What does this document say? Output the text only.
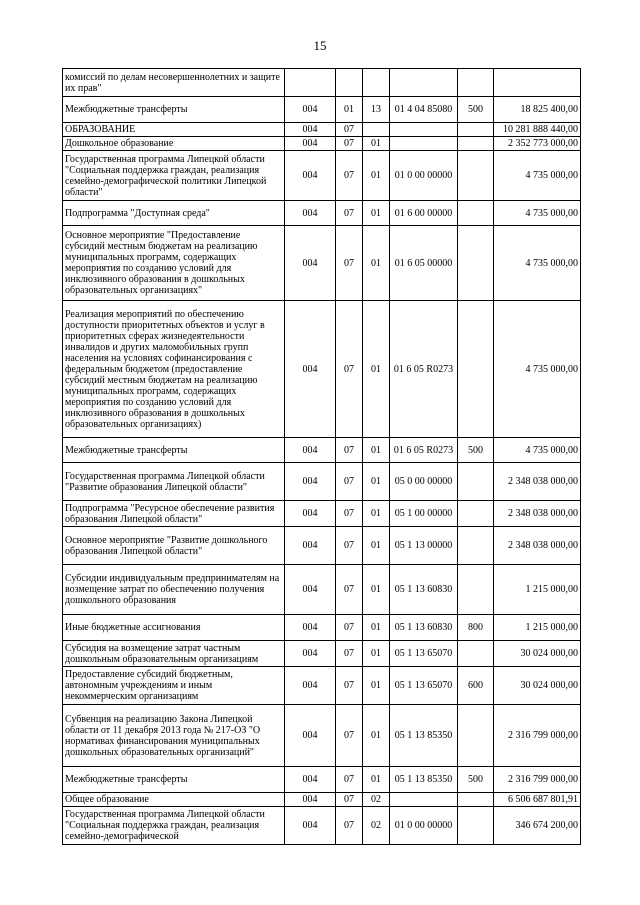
15
комиссий по делам несовершеннолетних и защите их прав"						
Межбюджетные трансферты	004	01	13	01 4 04 85080	500	18 825 400,00
ОБРАЗОВАНИЕ	004	07				10 281 888 440,00
Дошкольное образование	004	07	01			2 352 773 000,00
Государственная программа Липецкой области "Социальная поддержка граждан, реализация семейно-демографической политики Липецкой области"	004	07	01	01 0 00 00000		4 735 000,00
Подпрограмма "Доступная среда"	004	07	01	01 6 00 00000		4 735 000,00
Основное мероприятие "Предоставление субсидий местным бюджетам на реализацию муниципальных программ, содержащих мероприятия по созданию условий для инклюзивного образования в дошкольных образовательных организациях"	004	07	01	01 6 05 00000		4 735 000,00
Реализация мероприятий по обеспечению доступности приоритетных объектов и услуг в приоритетных сферах жизнедеятельности инвалидов и других маломобильных групп населения на условиях софинансирования с федеральным бюджетом (предоставление субсидий местным бюджетам на реализацию муниципальных программ, содержащих мероприятия по созданию условий для инклюзивного образования в дошкольных образовательных организациях)	004	07	01	01 6 05 R0273		4 735 000,00
Межбюджетные трансферты	004	07	01	01 6 05 R0273	500	4 735 000,00
Государственная программа Липецкой области "Развитие образования Липецкой области"	004	07	01	05 0 00 00000		2 348 038 000,00
Подпрограмма "Ресурсное обеспечение развития образования Липецкой области"	004	07	01	05 1 00 00000		2 348 038 000,00
Основное мероприятие "Развитие дошкольного образования Липецкой области"	004	07	01	05 1 13 00000		2 348 038 000,00
Субсидии индивидуальным предпринимателям на возмещение затрат по обеспечению получения дошкольного образования	004	07	01	05 1 13 60830		1 215 000,00
Иные бюджетные ассигнования	004	07	01	05 1 13 60830	800	1 215 000,00
Субсидия на возмещение затрат частным дошкольным образовательным организациям	004	07	01	05 1 13 65070		30 024 000,00
Предоставление субсидий бюджетным, автономным учреждениям и иным некоммерческим организациям	004	07	01	05 1 13 65070	600	30 024 000,00
Субвенция на реализацию Закона Липецкой области от 11 декабря 2013 года № 217-ОЗ "О нормативах финансирования муниципальных дошкольных образовательных организаций"	004	07	01	05 1 13 85350		2 316 799 000,00
Межбюджетные трансферты	004	07	01	05 1 13 85350	500	2 316 799 000,00
Общее образование	004	07	02			6 506 687 801,91
Государственная программа Липецкой области "Социальная поддержка граждан, реализация семейно-демографической	004	07	02	01 0 00 00000		346 674 200,00
